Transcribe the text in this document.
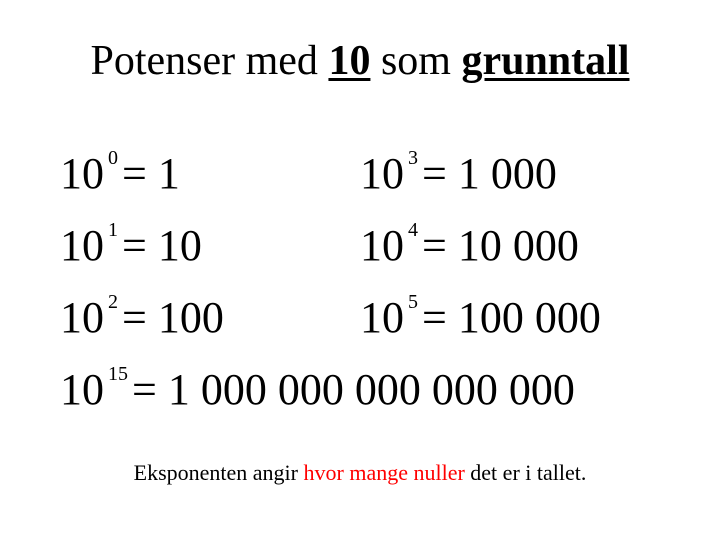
Potenser med 10 som grunntall
10 0= 1
10 1= 10
10 2= 100
10 3= 1 000
10 4= 10 000
10 5= 100 000
10 15= 1 000 000 000 000 000
Eksponenten angir hvor mange nuller det er i tallet.
